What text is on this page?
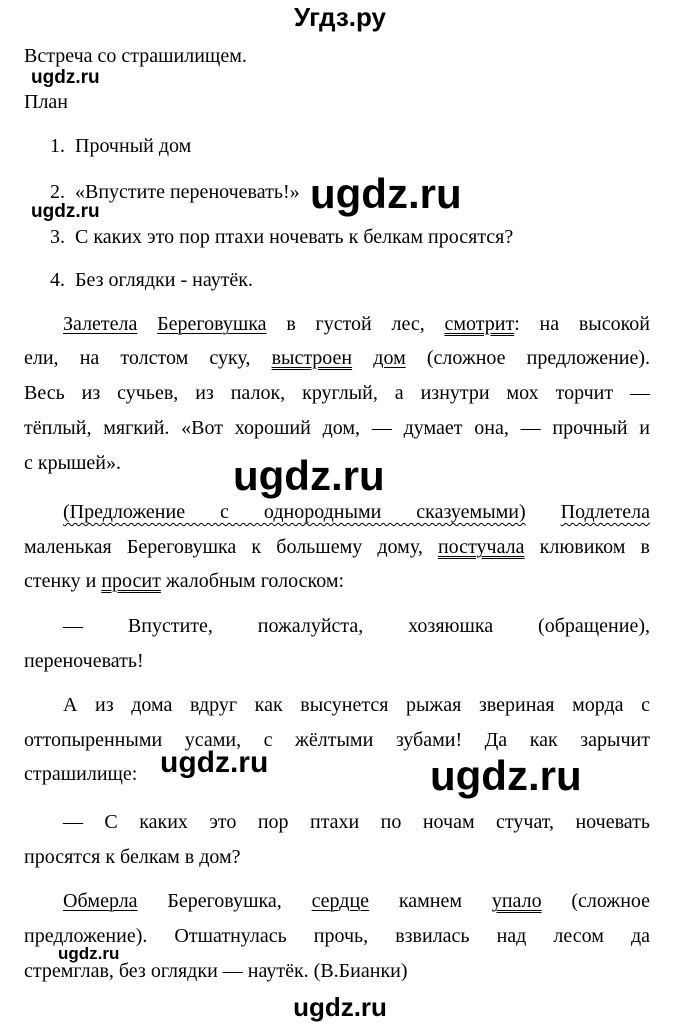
Угдз.ру
Встреча со страшилищем.
ugdz.ru
План
1. Прочный дом
2. «Впустите переночевать!» ugdz.ru
ugdz.ru
3. С каких это пор птахи ночевать к белкам просятся?
4. Без оглядки - наутёк.
Залетела Береговушка в густой лес, смотрит: на высокой
ели, на толстом суку, выстроен дом (сложное предложение).
Весь из сучьев, из палок, круглый, а изнутри мох торчит —
тёплый, мягкий. «Вот хороший дом, — думает она, — прочный и
с крышей».	ugdz.ru
(Предложение с однородными сказуемыми) Подлетела
маленькая Береговушка к большему дому, постучала клювиком в
стенку и просит жалобным голоском:
— Впустите, пожалуйста, хозяюшка (обращение),
переночевать!
А из дома вдруг как высунется рыжая звериная морда с
оттопыренными усами, с жёлтыми зубами! Да как зарычит
страшилище: ugdz.ru	ugdz.ru
— С каких это пор птахи по ночам стучат, ночевать
просятся к белкам в дом?
Обмерла Береговушка, сердце камнем упало (сложное
предложение). Отшатнулась прочь, взвилась над лесом да
ugdz.ru
стремглав, без оглядки — наутёк. (В.Бианки)
ugdz.ru
